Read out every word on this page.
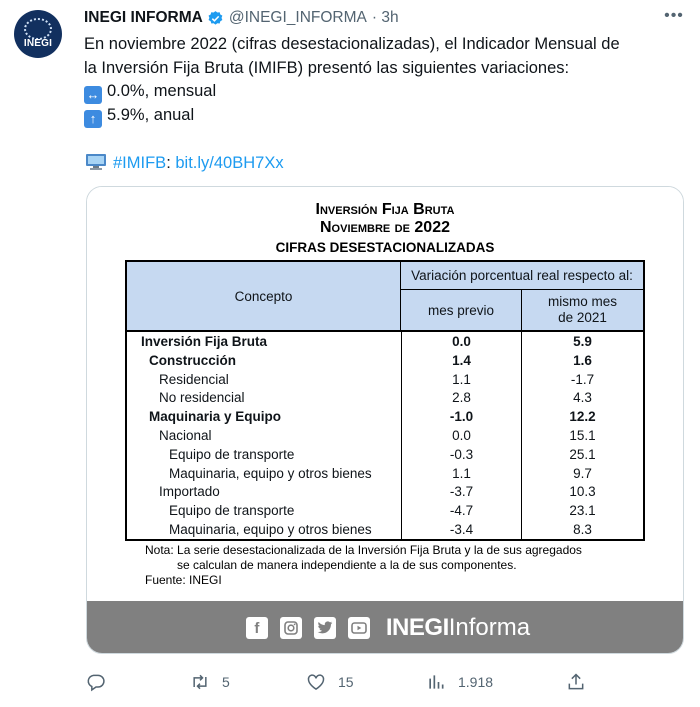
INEGI
INEGI INFORMA @INEGI_INFORMA · 3h	•••

En noviembre 2022 (cifras desestacionalizadas), el Indicador Mensual de

la Inversión Fija Bruta (IMIFB) presentó las siguientes variaciones:

↔ 0.0%, mensual

↑ 5.9%, anual

#IMIFB: bit.ly/40BH7Xx

Inversión Fija Bruta
Noviembre de 2022
CIFRAS DESESTACIONALIZADAS
Concepto
Variación porcentual real respecto al:
mes previo
mismo mes
de 2021
Inversión Fija Bruta	0.0	5.9
Construcción	1.4	1.6
Residencial	1.1	-1.7
No residencial	2.8	4.3
Maquinaria y Equipo	-1.0	12.2
Nacional	0.0	15.1
Equipo de transporte	-0.3	25.1
Maquinaria, equipo y otros bienes	1.1	9.7
Importado	-3.7	10.3
Equipo de transporte	-4.7	23.1
Maquinaria, equipo y otros bienes	-3.4	8.3
Nota: La serie desestacionalizada de la Inversión Fija Bruta y la de sus agregados
se calculan de manera independiente a la de sus componentes.
Fuente: INEGI
f	INEGIInforma
5	15	1.918
